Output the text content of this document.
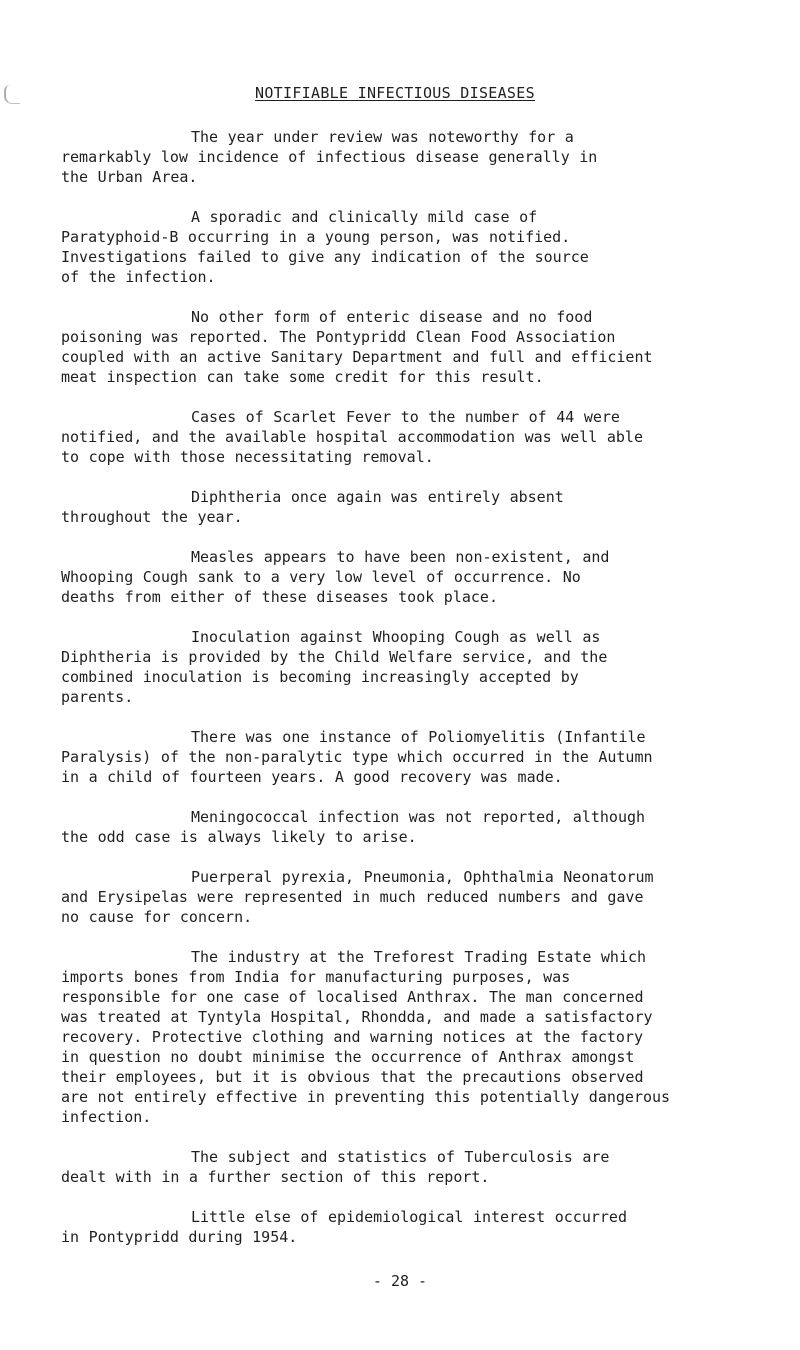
NOTIFIABLE INFECTIOUS DISEASES

The year under review was noteworthy for a
remarkably low incidence of infectious disease generally in
the Urban Area.

A sporadic and clinically mild case of
Paratyphoid-B occurring in a young person, was notified.
Investigations failed to give any indication of the source
of the infection.

No other form of enteric disease and no food
poisoning was reported. The Pontypridd Clean Food Association
coupled with an active Sanitary Department and full and efficient
meat inspection can take some credit for this result.

Cases of Scarlet Fever to the number of 44 were
notified, and the available hospital accommodation was well able
to cope with those necessitating removal.

Diphtheria once again was entirely absent
throughout the year.

Measles appears to have been non-existent, and
Whooping Cough sank to a very low level of occurrence. No
deaths from either of these diseases took place.

Inoculation against Whooping Cough as well as
Diphtheria is provided by the Child Welfare service, and the
combined inoculation is becoming increasingly accepted by
parents.

There was one instance of Poliomyelitis (Infantile
Paralysis) of the non-paralytic type which occurred in the Autumn
in a child of fourteen years. A good recovery was made.

Meningococcal infection was not reported, although
the odd case is always likely to arise.

Puerperal pyrexia, Pneumonia, Ophthalmia Neonatorum
and Erysipelas were represented in much reduced numbers and gave
no cause for concern.

The industry at the Treforest Trading Estate which
imports bones from India for manufacturing purposes, was
responsible for one case of localised Anthrax. The man concerned
was treated at Tyntyla Hospital, Rhondda, and made a satisfactory
recovery. Protective clothing and warning notices at the factory
in question no doubt minimise the occurrence of Anthrax amongst
their employees, but it is obvious that the precautions observed
are not entirely effective in preventing this potentially dangerous
infection.

The subject and statistics of Tuberculosis are
dealt with in a further section of this report.

Little else of epidemiological interest occurred
in Pontypridd during 1954.

- 28 -
